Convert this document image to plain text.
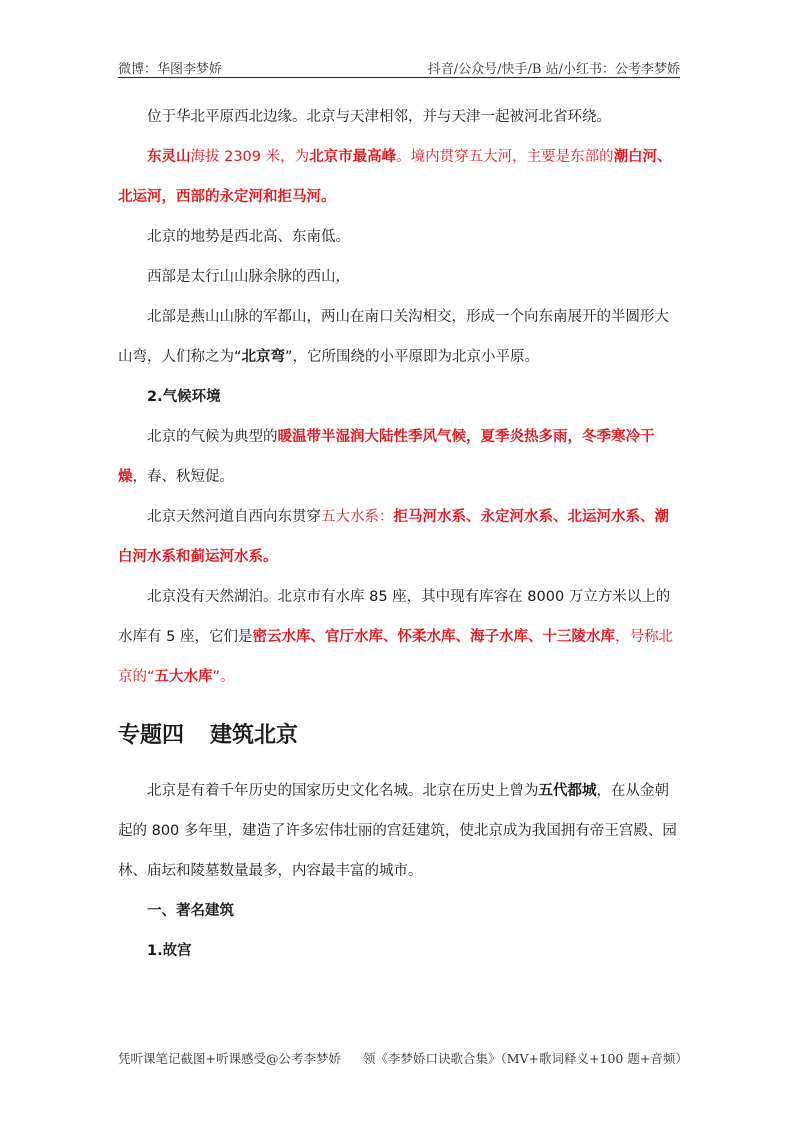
微博：华图李梦娇	抖音/公众号/快手/B 站/小红书：公考李梦娇

位于华北平原西北边缘。北京与天津相邻，并与天津一起被河北省环绕。

东灵山海拔 2309 米，为北京市最高峰。境内贯穿五大河，主要是东部的潮白河、北运河，西部的永定河和拒马河。

北京的地势是西北高、东南低。

西部是太行山山脉余脉的西山，

北部是燕山山脉的军都山，两山在南口关沟相交，形成一个向东南展开的半圆形大山弯，人们称之为“北京弯”，它所围绕的小平原即为北京小平原。

2.气候环境

北京的气候为典型的暖温带半湿润大陆性季风气候，夏季炎热多雨，冬季寒冷干燥，春、秋短促。

北京天然河道自西向东贯穿五大水系：拒马河水系、永定河水系、北运河水系、潮白河水系和蓟运河水系。

北京没有天然湖泊。北京市有水库 85 座，其中现有库容在 8000 万立方米以上的水库有 5 座，它们是密云水库、官厅水库、怀柔水库、海子水库、十三陵水库，号称北京的“五大水库”。

专题四 建筑北京

北京是有着千年历史的国家历史文化名城。北京在历史上曾为五代都城，在从金朝起的 800 多年里，建造了许多宏伟壮丽的宫廷建筑，使北京成为我国拥有帝王宫殿、园林、庙坛和陵墓数量最多，内容最丰富的城市。

一、著名建筑

1.故宫

凭听课笔记截图+听课感受@公考李梦娇 领《李梦娇口诀歌合集》（MV+歌词释义+100 题+音频）
